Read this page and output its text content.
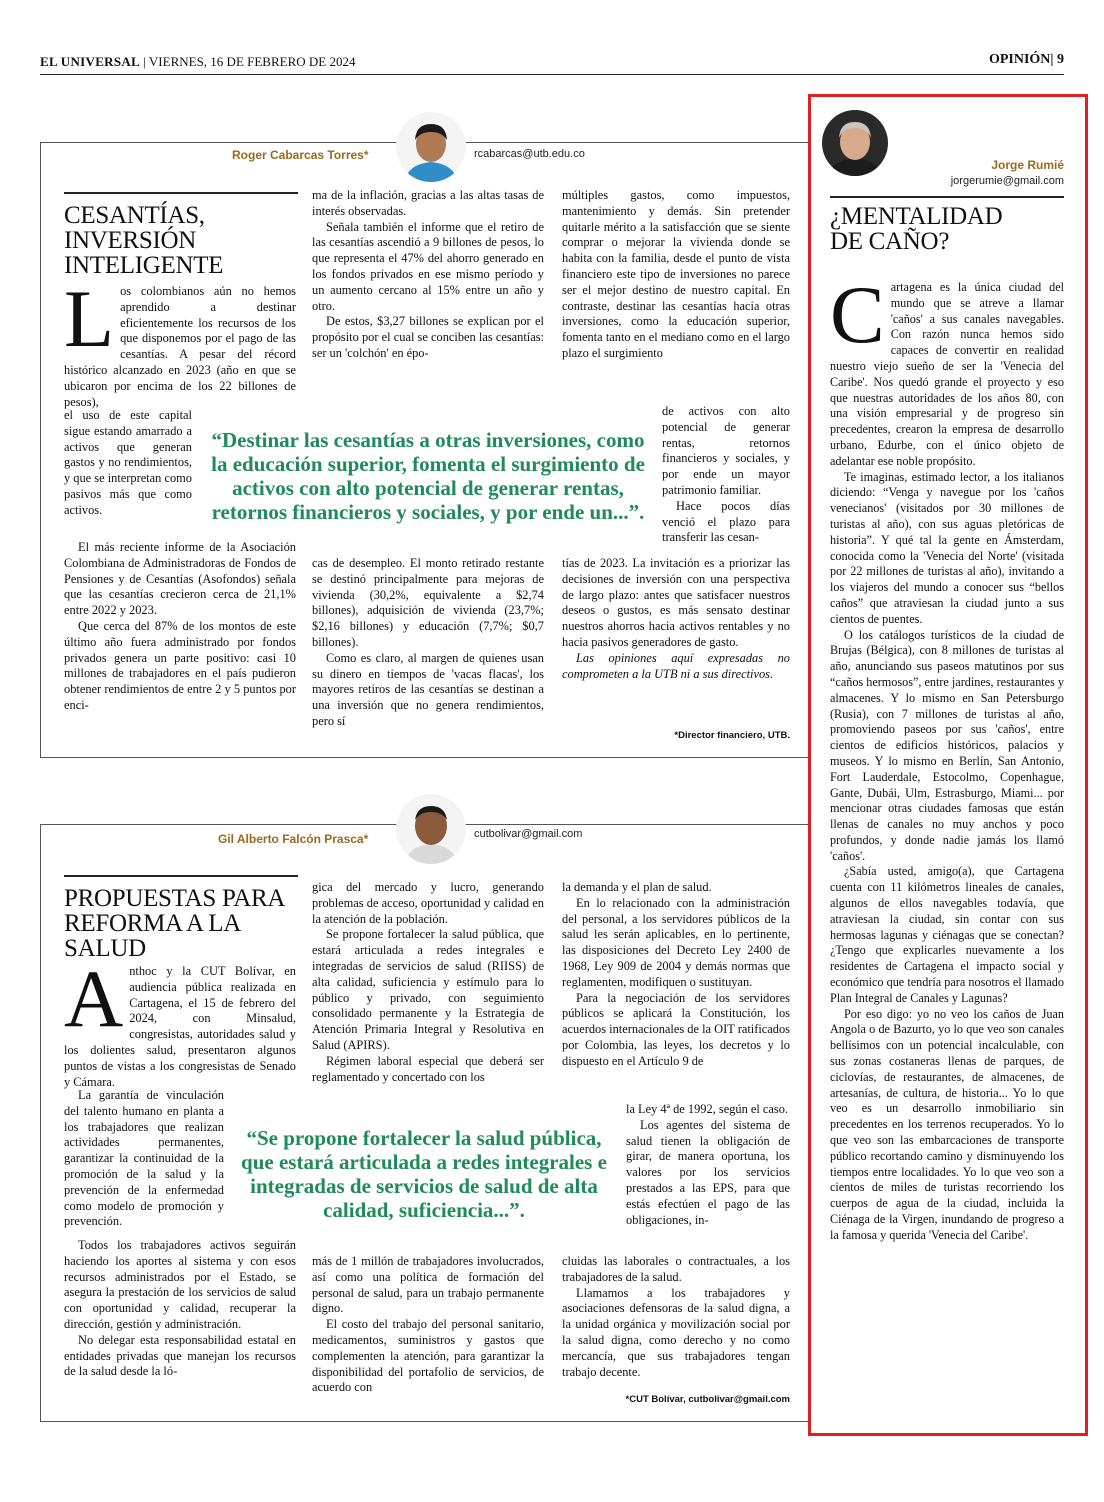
EL UNIVERSAL | VIERNES, 16 DE FEBRERO DE 2024	OPINIÓN| 9
Roger Cabarcas Torres*	rcabarcas@utb.edu.co
CESANTÍAS, INVERSIÓN
INTELIGENTE

Los colombianos aún no hemos aprendido a destinar eficientemente los recursos de los que disponemos por el pago de las cesantías. A pesar del récord histórico alcanzado en 2023 (año en que se ubicaron por encima de los 22 billones de pesos),

el uso de este capital sigue estando amarrado a activos que generan gastos y no rendimientos, y que se interpretan como pasivos más que como activos.

El más reciente informe de la Asociación Colombiana de Administradoras de Fondos de Pensiones y de Cesantías (Asofondos) señala que las cesantías crecieron cerca de 21,1% entre 2022 y 2023.

Que cerca del 87% de los montos de este último año fuera administrado por fondos privados genera un parte positivo: casi 10 millones de trabajadores en el país pudieron obtener rendimientos de entre 2 y 5 puntos por enci-

ma de la inflación, gracias a las altas tasas de interés observadas.

Señala también el informe que el retiro de las cesantías ascendió a 9 billones de pesos, lo que representa el 47% del ahorro generado en los fondos privados en ese mismo período y un aumento cercano al 15% entre un año y otro.

De estos, $3,27 billones se explican por el propósito por el cual se conciben las cesantías: ser un 'colchón' en épo-

cas de desempleo. El monto retirado restante se destinó principalmente para mejoras de vivienda (30,2%, equivalente a $2,74 billones), adquisición de vivienda (23,7%; $2,16 billones) y educación (7,7%; $0,7 billones).

Como es claro, al margen de quienes usan su dinero en tiempos de 'vacas flacas', los mayores retiros de las cesantías se destinan a una inversión que no genera rendimientos, pero sí

múltiples gastos, como impuestos, mantenimiento y demás. Sin pretender quitarle mérito a la satisfacción que se siente comprar o mejorar la vivienda donde se habita con la familia, desde el punto de vista financiero este tipo de inversiones no parece ser el mejor destino de nuestro capital. En contraste, destinar las cesantías hacia otras inversiones, como la educación superior, fomenta tanto en el mediano como en el largo plazo el surgimiento

de activos con alto potencial de generar rentas, retornos financieros y sociales, y por ende un mayor patrimonio familiar.

Hace pocos días venció el plazo para transferir las cesan-

tías de 2023. La invitación es a priorizar las decisiones de inversión con una perspectiva de largo plazo: antes que satisfacer nuestros deseos o gustos, es más sensato destinar nuestros ahorros hacia activos rentables y no hacia pasivos generadores de gasto.

Las opiniones aquí expresadas no comprometen a la UTB ni a sus directivos.

“Destinar las cesantías a otras inversiones, como la educación superior, fomenta el surgimiento de activos con alto potencial de generar rentas, retornos financieros y sociales, y por ende un...”.
*Director financiero, UTB.
Gil Alberto Falcón Prasca*	cutbolivar@gmail.com
PROPUESTAS PARA
REFORMA A LA SALUD

Anthoc y la CUT Bolívar, en audiencia pública realizada en Cartagena, el 15 de febrero del 2024, con Minsalud, congresistas, autoridades salud y los dolientes salud, presentaron algunos puntos de vistas a los congresistas de Senado y Cámara.

La garantía de vinculación del talento humano en planta a los trabajadores que realizan actividades permanentes, garantizar la continuidad de la promoción de la salud y la prevención de la enfermedad como modelo de promoción y prevención.

Todos los trabajadores activos seguirán haciendo los aportes al sistema y con esos recursos administrados por el Estado, se asegura la prestación de los servicios de salud con oportunidad y calidad, recuperar la dirección, gestión y administración.

No delegar esta responsabilidad estatal en entidades privadas que manejan los recursos de la salud desde la ló-

gica del mercado y lucro, generando problemas de acceso, oportunidad y calidad en la atención de la población.

Se propone fortalecer la salud pública, que estará articulada a redes integrales e integradas de servicios de salud (RIISS) de alta calidad, suficiencia y estímulo para lo público y privado, con seguimiento consolidado permanente y la Estrategia de Atención Primaria Integral y Resolutiva en Salud (APIRS).

Régimen laboral especial que deberá ser reglamentado y concertado con los

más de 1 millón de trabajadores involucrados, así como una política de formación del personal de salud, para un trabajo permanente digno.

El costo del trabajo del personal sanitario, medicamentos, suministros y gastos que complementen la atención, para garantizar la disponibilidad del portafolio de servicios, de acuerdo con

la demanda y el plan de salud.

En lo relacionado con la administración del personal, a los servidores públicos de la salud les serán aplicables, en lo pertinente, las disposiciones del Decreto Ley 2400 de 1968, Ley 909 de 2004 y demás normas que reglamenten, modifiquen o sustituyan.

Para la negociación de los servidores públicos se aplicará la Constitución, los acuerdos internacionales de la OIT ratificados por Colombia, las leyes, los decretos y lo dispuesto en el Artículo 9 de

la Ley 4ª de 1992, según el caso.

Los agentes del sistema de salud tienen la obligación de girar, de manera oportuna, los valores por los servicios prestados a las EPS, para que estás efectúen el pago de las obligaciones, in-

cluidas las laborales o contractuales, a los trabajadores de la salud.

Llamamos a los trabajadores y asociaciones defensoras de la salud digna, a la unidad orgánica y movilización social por la salud digna, como derecho y no como mercancía, que sus trabajadores tengan trabajo decente.

“Se propone fortalecer la salud pública, que estará articulada a redes integrales e integradas de servicios de salud de alta calidad, suficiencia...”.
*CUT Bolívar, cutbolivar@gmail.com
Jorge Rumié
jorgerumie@gmail.com
¿MENTALIDAD
DE CAÑO?

Cartagena es la única ciudad del mundo que se atreve a llamar 'caños' a sus canales navegables. Con razón nunca hemos sido capaces de convertir en realidad nuestro viejo sueño de ser la 'Venecia del Caribe'. Nos quedó grande el proyecto y eso que nuestras autoridades de los años 80, con una visión empresarial y de progreso sin precedentes, crearon la empresa de desarrollo urbano, Edurbe, con el único objeto de adelantar ese noble propósito.

Te imaginas, estimado lector, a los italianos diciendo: “Venga y navegue por los 'caños venecianos' (visitados por 30 millones de turistas al año), con sus aguas pletóricas de historia”. Y qué tal la gente en Ámsterdam, conocida como la 'Venecia del Norte' (visitada por 22 millones de turistas al año), invitando a los viajeros del mundo a conocer sus “bellos caños” que atraviesan la ciudad junto a sus cientos de puentes.

O los catálogos turísticos de la ciudad de Brujas (Bélgica), con 8 millones de turistas al año, anunciando sus paseos matutinos por sus “caños hermosos”, entre jardines, restaurantes y almacenes. Y lo mismo en San Petersburgo (Rusia), con 7 millones de turistas al año, promoviendo paseos por sus 'caños', entre cientos de edificios históricos, palacios y museos. Y lo mismo en Berlín, San Antonio, Fort Lauderdale, Estocolmo, Copenhague, Gante, Dubái, Ulm, Estrasburgo, Miami... por mencionar otras ciudades famosas que están llenas de canales no muy anchos y poco profundos, y donde nadie jamás los llamó 'caños'.

¿Sabía usted, amigo(a), que Cartagena cuenta con 11 kilómetros lineales de canales, algunos de ellos navegables todavía, que atraviesan la ciudad, sin contar con sus hermosas lagunas y ciénagas que se conectan? ¿Tengo que explicarles nuevamente a los residentes de Cartagena el impacto social y económico que tendría para nosotros el llamado Plan Integral de Canales y Lagunas?

Por eso digo: yo no veo los caños de Juan Angola o de Bazurto, yo lo que veo son canales bellísimos con un potencial incalculable, con sus zonas costaneras llenas de parques, de ciclovías, de restaurantes, de almacenes, de artesanías, de cultura, de historia... Yo lo que veo es un desarrollo inmobiliario sin precedentes en los terrenos recuperados. Yo lo que veo son las embarcaciones de transporte público recortando camino y disminuyendo los tiempos entre localidades. Yo lo que veo son a cientos de miles de turistas recorriendo los cuerpos de agua de la ciudad, incluida la Ciénaga de la Virgen, inundando de progreso a la famosa y querida 'Venecia del Caribe'.
